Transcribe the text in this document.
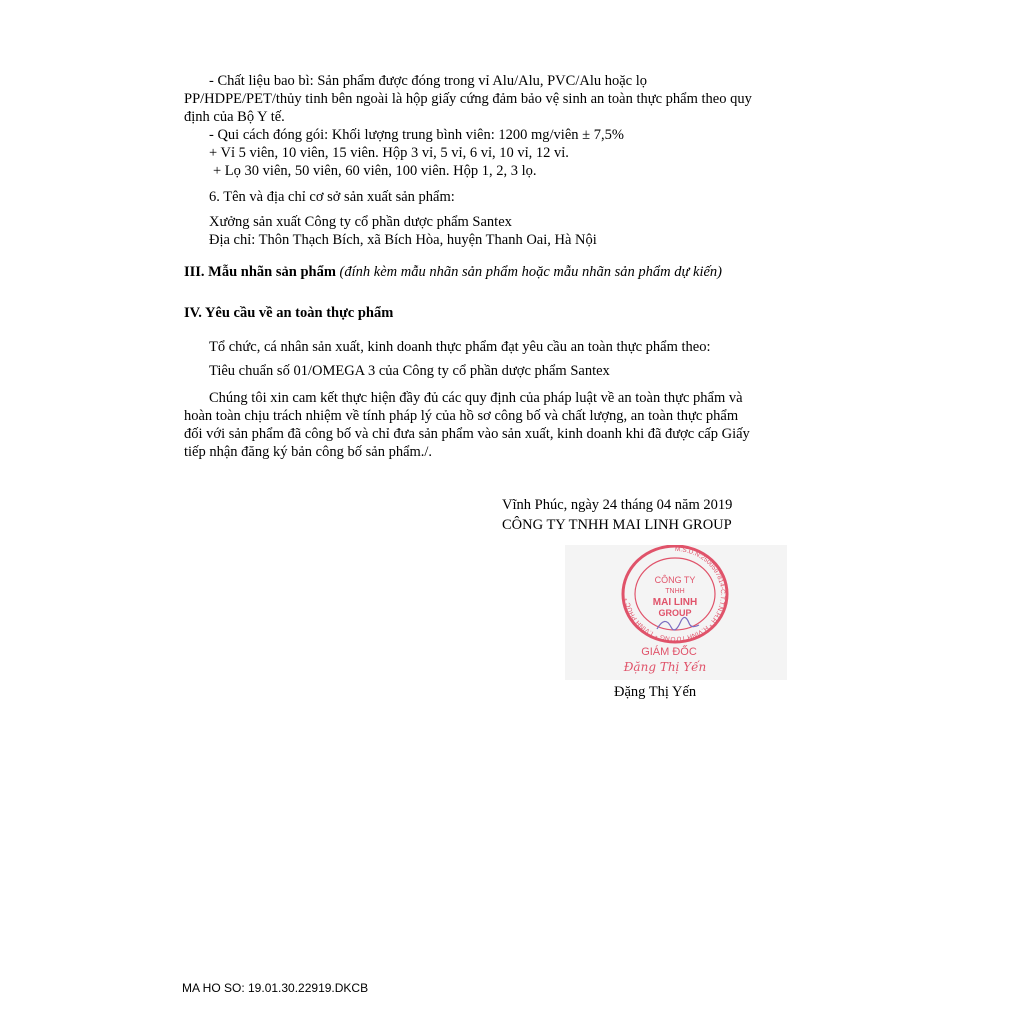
- Chất liệu bao bì: Sản phẩm được đóng trong vỉ Alu/Alu, PVC/Alu hoặc lọ
PP/HDPE/PET/thủy tinh bên ngoài là hộp giấy cứng đảm bảo vệ sinh an toàn thực phẩm theo quy
định của Bộ Y tế.
- Qui cách đóng gói: Khối lượng trung bình viên: 1200 mg/viên ± 7,5%
+ Vỉ 5 viên, 10 viên, 15 viên. Hộp 3 vỉ, 5 vỉ, 6 vỉ, 10 vỉ, 12 vỉ.
+ Lọ 30 viên, 50 viên, 60 viên, 100 viên. Hộp 1, 2, 3 lọ.
6. Tên và địa chỉ cơ sở sản xuất sản phẩm:
Xưởng sản xuất Công ty cổ phần dược phẩm Santex
Địa chỉ: Thôn Thạch Bích, xã Bích Hòa, huyện Thanh Oai, Hà Nội
III. Mẫu nhãn sản phẩm (đính kèm mẫu nhãn sản phẩm hoặc mẫu nhãn sản phẩm dự kiến)
IV. Yêu cầu về an toàn thực phẩm
Tổ chức, cá nhân sản xuất, kinh doanh thực phẩm đạt yêu cầu an toàn thực phẩm theo:
Tiêu chuẩn số 01/OMEGA 3 của Công ty cổ phần dược phẩm Santex
Chúng tôi xin cam kết thực hiện đầy đủ các quy định của pháp luật về an toàn thực phẩm và
hoàn toàn chịu trách nhiệm về tính pháp lý của hồ sơ công bố và chất lượng, an toàn thực phẩm
đối với sản phẩm đã công bố và chỉ đưa sản phẩm vào sản xuất, kinh doanh khi đã được cấp Giấy
tiếp nhận đăng ký bản công bố sản phẩm./.
Vĩnh Phúc, ngày 24 tháng 04 năm 2019
CÔNG TY TNHH MAI LINH GROUP
M.S.D.N:2500597814-C.T.T.N.H.H * H.VĨNH TƯỜNG * T.VĨNH PHÚC *
CÔNG TY
TNHH
MAI LINH
GROUP
GIÁM ĐỐC
Đặng Thị Yến
Đặng Thị Yến
MA HO SO: 19.01.30.22919.DKCB
